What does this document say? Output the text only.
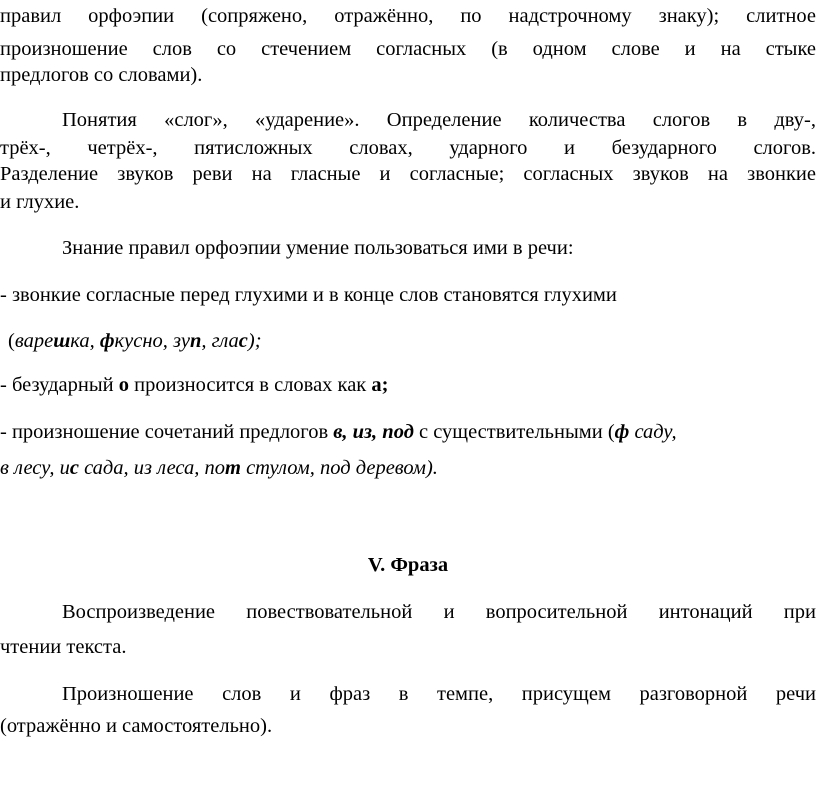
правил орфоэпии (сопряжено, отражённо, по надстрочному знаку); слитное
произношение слов со стечением согласных (в одном слове и на стыке
предлогов со словами).
Понятия «слог», «ударение». Определение количества слогов в дву-,
трёх-, четрёх-, пятисложных словах, ударного и безударного слогов.
Разделение звуков реви на гласные и согласные; согласных звуков на звонкие
и глухие.
Знание правил орфоэпии умение пользоваться ими в речи:
- звонкие согласные перед глухими и в конце слов становятся глухими
(варешка, фкусно, зуп, глас);
- безударный о произносится в словах как а;
- произношение сочетаний предлогов в, из, под с существительными (ф саду,
в лесу, ис сада, из леса, пот стулом, под деревом).
V. Фраза
Воспроизведение повествовательной и вопросительной интонаций при
чтении текста.
Произношение слов и фраз в темпе, присущем разговорной речи
(отражённо и самостоятельно).
